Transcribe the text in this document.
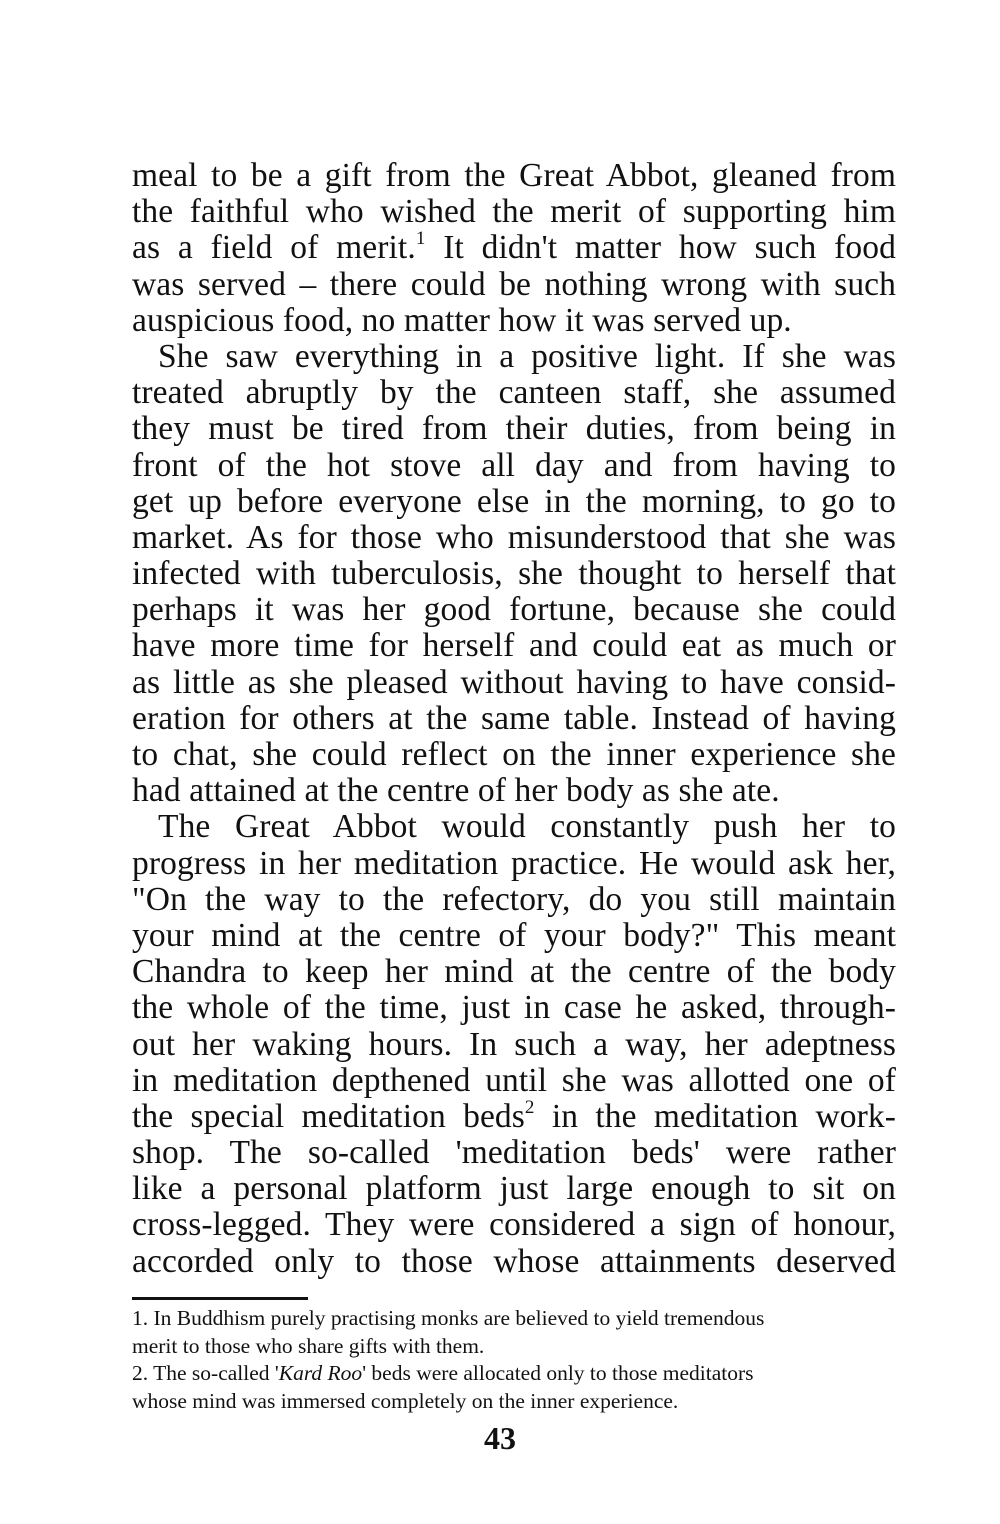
meal to be a gift from the Great Abbot, gleaned from
the faithful who wished the merit of supporting him
as a field of merit.$^1$ It didn't matter how such food
was served – there could be nothing wrong with such
auspicious food, no matter how it was served up.
She saw everything in a positive light. If she was
treated abruptly by the canteen staff, she assumed
they must be tired from their duties, from being in
front of the hot stove all day and from having to
get up before everyone else in the morning, to go to
market. As for those who misunderstood that she was
infected with tuberculosis, she thought to herself that
perhaps it was her good fortune, because she could
have more time for herself and could eat as much or
as little as she pleased without having to have consid-
eration for others at the same table. Instead of having
to chat, she could reflect on the inner experience she
had attained at the centre of her body as she ate.
The Great Abbot would constantly push her to
progress in her meditation practice. He would ask her,
"On the way to the refectory, do you still maintain
your mind at the centre of your body?" This meant
Chandra to keep her mind at the centre of the body
the whole of the time, just in case he asked, through-
out her waking hours. In such a way, her adeptness
in meditation depthened until she was allotted one of
the special meditation beds$^2$ in the meditation work-
shop. The so-called 'meditation beds' were rather
like a personal platform just large enough to sit on
cross-legged. They were considered a sign of honour,
accorded only to those whose attainments deserved
1. In Buddhism purely practising monks are believed to yield tremendous
merit to those who share gifts with them.
2. The so-called 'Kard Roo' beds were allocated only to those meditators
whose mind was immersed completely on the inner experience.
43
